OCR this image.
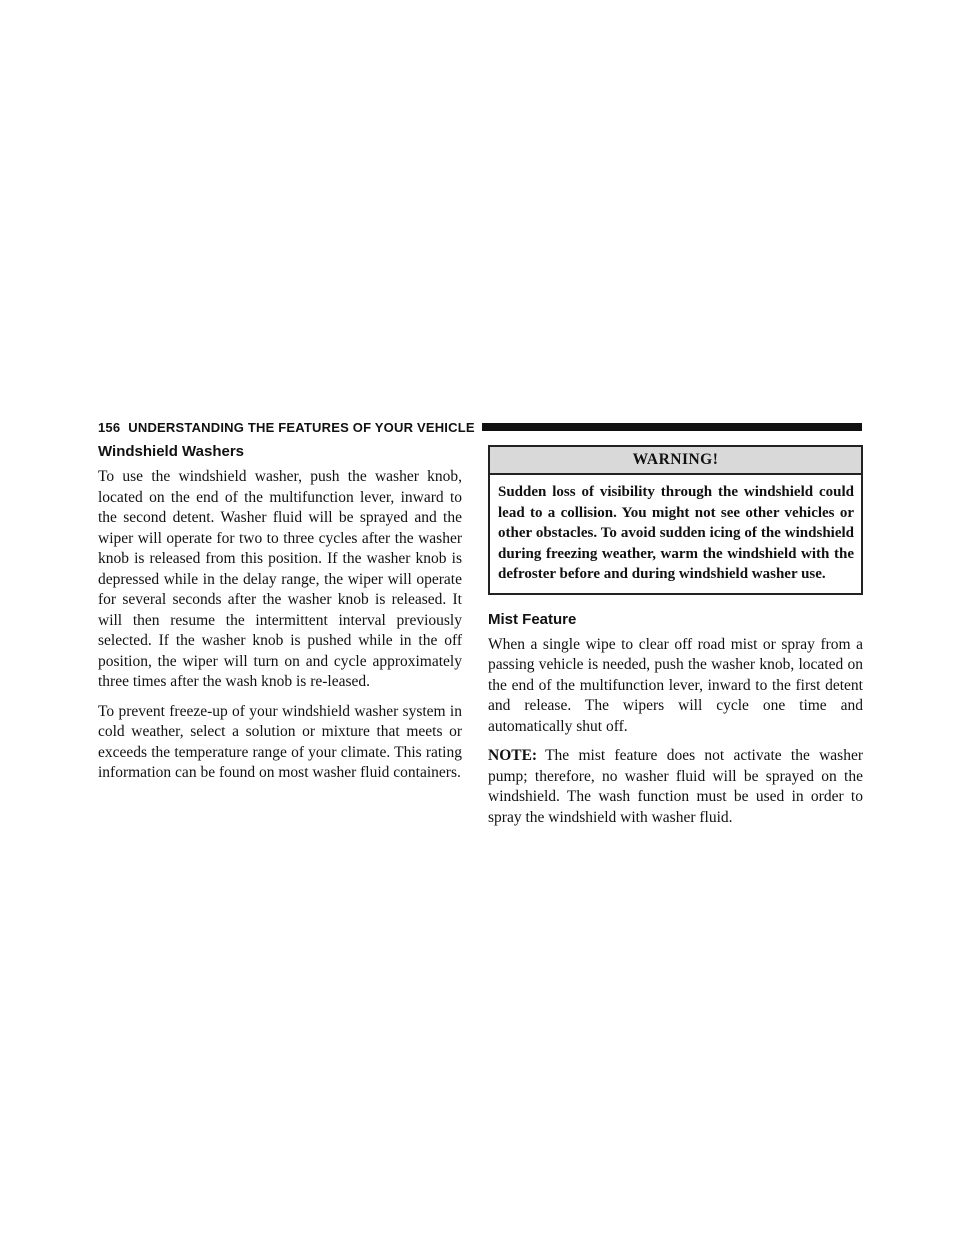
156 UNDERSTANDING THE FEATURES OF YOUR VEHICLE
Windshield Washers

To use the windshield washer, push the washer knob, located on the end of the multifunction lever, inward to the second detent. Washer fluid will be sprayed and the wiper will operate for two to three cycles after the washer knob is released from this position. If the washer knob is depressed while in the delay range, the wiper will operate for several seconds after the washer knob is released. It will then resume the intermittent interval previously selected. If the washer knob is pushed while in the off position, the wiper will turn on and cycle approximately three times after the wash knob is re-leased.

To prevent freeze-up of your windshield washer system in cold weather, select a solution or mixture that meets or exceeds the temperature range of your climate. This rating information can be found on most washer fluid containers.

WARNING!

Sudden loss of visibility through the windshield could lead to a collision. You might not see other vehicles or other obstacles. To avoid sudden icing of the windshield during freezing weather, warm the windshield with the defroster before and during windshield washer use.

Mist Feature

When a single wipe to clear off road mist or spray from a passing vehicle is needed, push the washer knob, located on the end of the multifunction lever, inward to the first detent and release. The wipers will cycle one time and automatically shut off.

NOTE: The mist feature does not activate the washer pump; therefore, no washer fluid will be sprayed on the windshield. The wash function must be used in order to spray the windshield with washer fluid.
